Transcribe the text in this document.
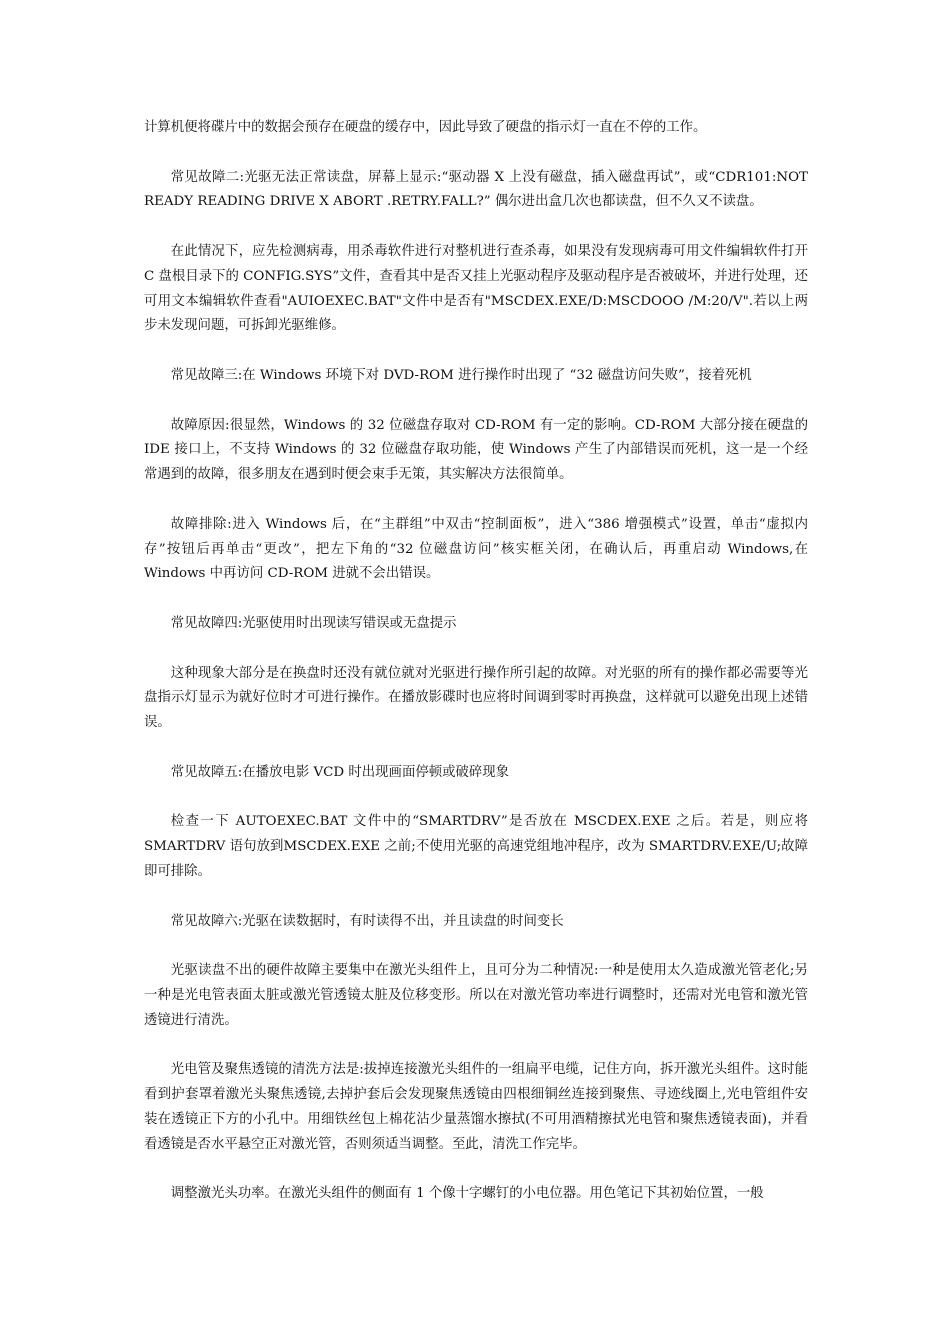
计算机便将碟片中的数据会预存在硬盘的缓存中，因此导致了硬盘的指示灯一直在不停的工作。

常见故障二:光驱无法正常读盘，屏幕上显示:“驱动器 X 上没有磁盘，插入磁盘再试”，或“CDR101:NOT READY READING DRIVE X ABORT .RETRY.FALL?” 偶尔进出盒几次也都读盘，但不久又不读盘。

在此情况下，应先检测病毒，用杀毒软件进行对整机进行查杀毒，如果没有发现病毒可用文件编辑软件打开 C 盘根目录下的 CONFIG.SYS”文件，查看其中是否又挂上光驱动程序及驱动程序是否被破坏，并进行处理，还可用文本编辑软件查看"AUIOEXEC.BAT"文件中是否有"MSCDEX.EXE/D:MSCDOOO /M:20/V".若以上两步未发现问题，可拆卸光驱维修。

常见故障三:在 Windows 环境下对 DVD-ROM 进行操作时出现了 “32 磁盘访问失败”，接着死机

故障原因:很显然，Windows 的 32 位磁盘存取对 CD-ROM 有一定的影响。CD-ROM 大部分接在硬盘的 IDE 接口上，不支持 Windows 的 32 位磁盘存取功能，使 Windows 产生了内部错误而死机，这一是一个经常遇到的故障，很多朋友在遇到时便会束手无策，其实解决方法很简单。

故障排除:进入 Windows 后，在“主群组”中双击“控制面板”，进入“386 增强模式”设置，单击“虚拟内存”按钮后再单击“更改”，把左下角的“32 位磁盘访问”核实框关闭，在确认后，再重启动 Windows,在 Windows 中再访问 CD-ROM 进就不会出错误。

常见故障四:光驱使用时出现读写错误或无盘提示

这种现象大部分是在换盘时还没有就位就对光驱进行操作所引起的故障。对光驱的所有的操作都必需要等光盘指示灯显示为就好位时才可进行操作。在播放影碟时也应将时间调到零时再换盘，这样就可以避免出现上述错误。

常见故障五:在播放电影 VCD 时出现画面停顿或破碎现象

检查一下 AUTOEXEC.BAT 文件中的“SMARTDRV”是否放在 MSCDEX.EXE 之后。若是，则应将 SMARTDRV 语句放到MSCDEX.EXE 之前;不使用光驱的高速党组地冲程序，改为 SMARTDRV.EXE/U;故障即可排除。

常见故障六:光驱在读数据时，有时读得不出，并且读盘的时间变长

光驱读盘不出的硬件故障主要集中在激光头组件上，且可分为二种情况:一种是使用太久造成激光管老化;另一种是光电管表面太脏或激光管透镜太脏及位移变形。所以在对激光管功率进行调整时，还需对光电管和激光管透镜进行清洗。

光电管及聚焦透镜的清洗方法是:拔掉连接激光头组件的一组扁平电缆，记住方向，拆开激光头组件。这时能看到护套罩着激光头聚焦透镜,去掉护套后会发现聚焦透镜由四根细铜丝连接到聚焦、寻迹线圈上,光电管组件安装在透镜正下方的小孔中。用细铁丝包上棉花沾少量蒸馏水擦拭(不可用酒精擦拭光电管和聚焦透镜表面)，并看看透镜是否水平悬空正对激光管，否则须适当调整。至此，清洗工作完毕。

调整激光头功率。在激光头组件的侧面有 1 个像十字螺钉的小电位器。用色笔记下其初始位置，一般
